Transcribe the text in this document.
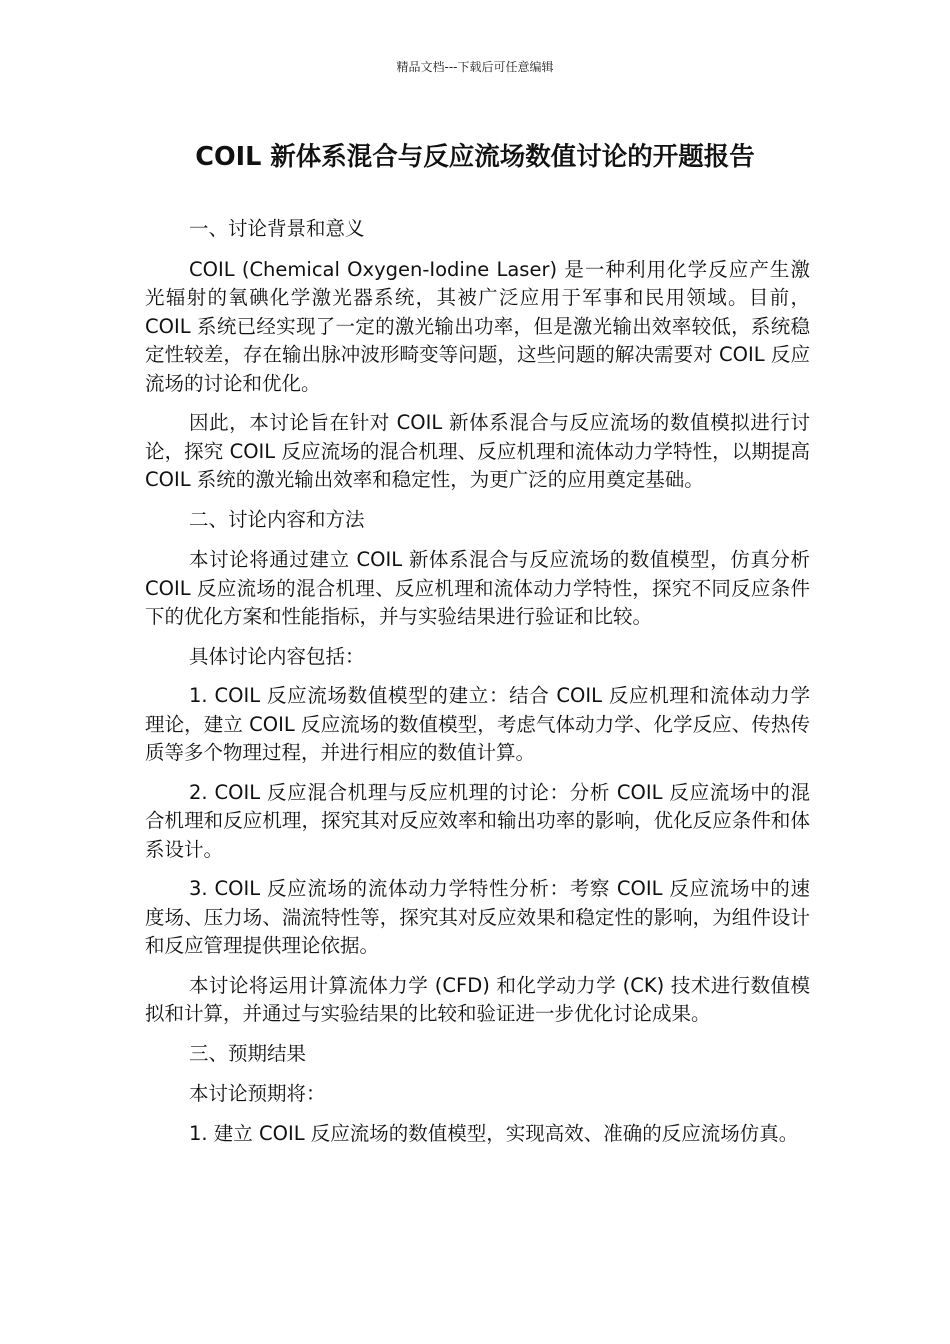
精品文档---下载后可任意编辑
COIL 新体系混合与反应流场数值讨论的开题报告

一、讨论背景和意义

COIL (Chemical Oxygen-Iodine Laser) 是一种利用化学反应产生激光辐射的氧碘化学激光器系统，其被广泛应用于军事和民用领域。目前，COIL 系统已经实现了一定的激光输出功率，但是激光输出效率较低，系统稳定性较差，存在输出脉冲波形畸变等问题，这些问题的解决需要对 COIL 反应流场的讨论和优化。

因此，本讨论旨在针对 COIL 新体系混合与反应流场的数值模拟进行讨论，探究 COIL 反应流场的混合机理、反应机理和流体动力学特性，以期提高 COIL 系统的激光输出效率和稳定性，为更广泛的应用奠定基础。

二、讨论内容和方法

本讨论将通过建立 COIL 新体系混合与反应流场的数值模型，仿真分析 COIL 反应流场的混合机理、反应机理和流体动力学特性，探究不同反应条件下的优化方案和性能指标，并与实验结果进行验证和比较。

具体讨论内容包括：

1. COIL 反应流场数值模型的建立：结合 COIL 反应机理和流体动力学理论，建立 COIL 反应流场的数值模型，考虑气体动力学、化学反应、传热传质等多个物理过程，并进行相应的数值计算。

2. COIL 反应混合机理与反应机理的讨论：分析 COIL 反应流场中的混合机理和反应机理，探究其对反应效率和输出功率的影响，优化反应条件和体系设计。

3. COIL 反应流场的流体动力学特性分析：考察 COIL 反应流场中的速度场、压力场、湍流特性等，探究其对反应效果和稳定性的影响，为组件设计和反应管理提供理论依据。

本讨论将运用计算流体力学 (CFD) 和化学动力学 (CK) 技术进行数值模拟和计算，并通过与实验结果的比较和验证进一步优化讨论成果。

三、预期结果

本讨论预期将：

1. 建立 COIL 反应流场的数值模型，实现高效、准确的反应流场仿真。
